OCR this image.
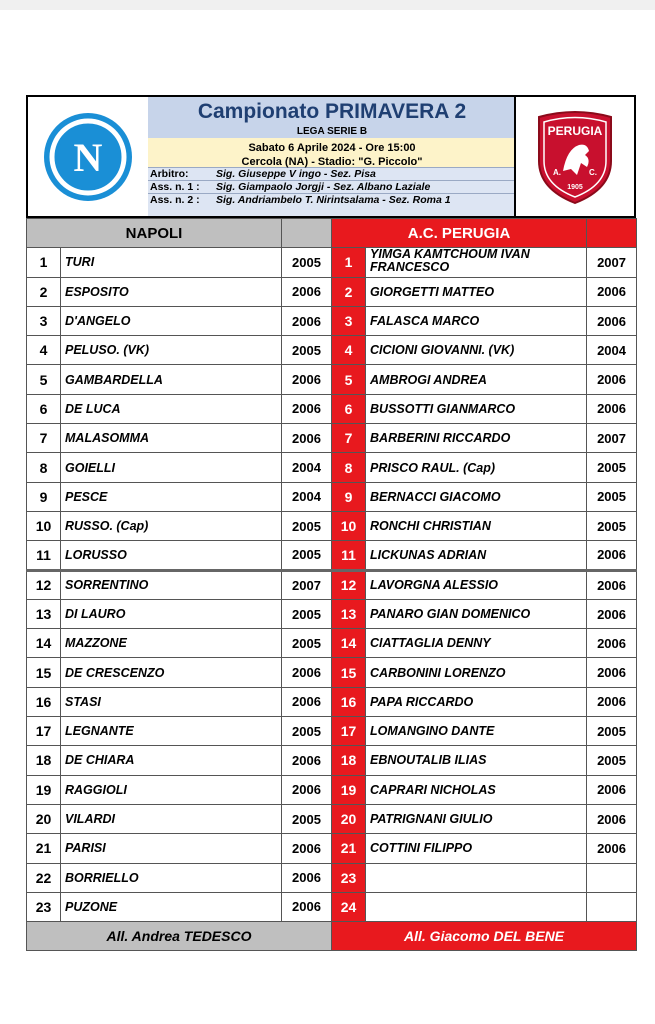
N
Campionato PRIMAVERA 2
LEGA SERIE B
Sabato 6 Aprile 2024 - Ore 15:00
Cercola (NA) - Stadio: "G. Piccolo"
Arbitro:	Sig. Giuseppe V ingo - Sez. Pisa
Ass. n. 1 :	Sig. Giampaolo Jorgji - Sez. Albano Laziale
Ass. n. 2 :	Sig. Andriambelo T. Nirintsalama - Sez. Roma 1
PERUGIA
A.	C.
1905
NAPOLI			A.C. PERUGIA		
1	TURI	2005	1	YIMGA KAMTCHOUM IVAN FRANCESCO	2007
2	ESPOSITO	2006	2	GIORGETTI MATTEO	2006
3	D'ANGELO	2006	3	FALASCA MARCO	2006
4	PELUSO. (VK)	2005	4	CICIONI GIOVANNI. (VK)	2004
5	GAMBARDELLA	2006	5	AMBROGI ANDREA	2006
6	DE LUCA	2006	6	BUSSOTTI GIANMARCO	2006
7	MALASOMMA	2006	7	BARBERINI RICCARDO	2007
8	GOIELLI	2004	8	PRISCO RAUL. (Cap)	2005
9	PESCE	2004	9	BERNACCI GIACOMO	2005
10	RUSSO. (Cap)	2005	10	RONCHI CHRISTIAN	2005
11	LORUSSO	2005	11	LICKUNAS ADRIAN	2006
12	SORRENTINO	2007	12	LAVORGNA ALESSIO	2006
13	DI LAURO	2005	13	PANARO GIAN DOMENICO	2006
14	MAZZONE	2005	14	CIATTAGLIA DENNY	2006
15	DE CRESCENZO	2006	15	CARBONINI LORENZO	2006
16	STASI	2006	16	PAPA RICCARDO	2006
17	LEGNANTE	2005	17	LOMANGINO DANTE	2005
18	DE CHIARA	2006	18	EBNOUTALIB ILIAS	2005
19	RAGGIOLI	2006	19	CAPRARI NICHOLAS	2006
20	VILARDI	2005	20	PATRIGNANI GIULIO	2006
21	PARISI	2006	21	COTTINI FILIPPO	2006
22	BORRIELLO	2006	23		
23	PUZONE	2006	24		
All. Andrea TEDESCO			All. Giacomo DEL BENE		
